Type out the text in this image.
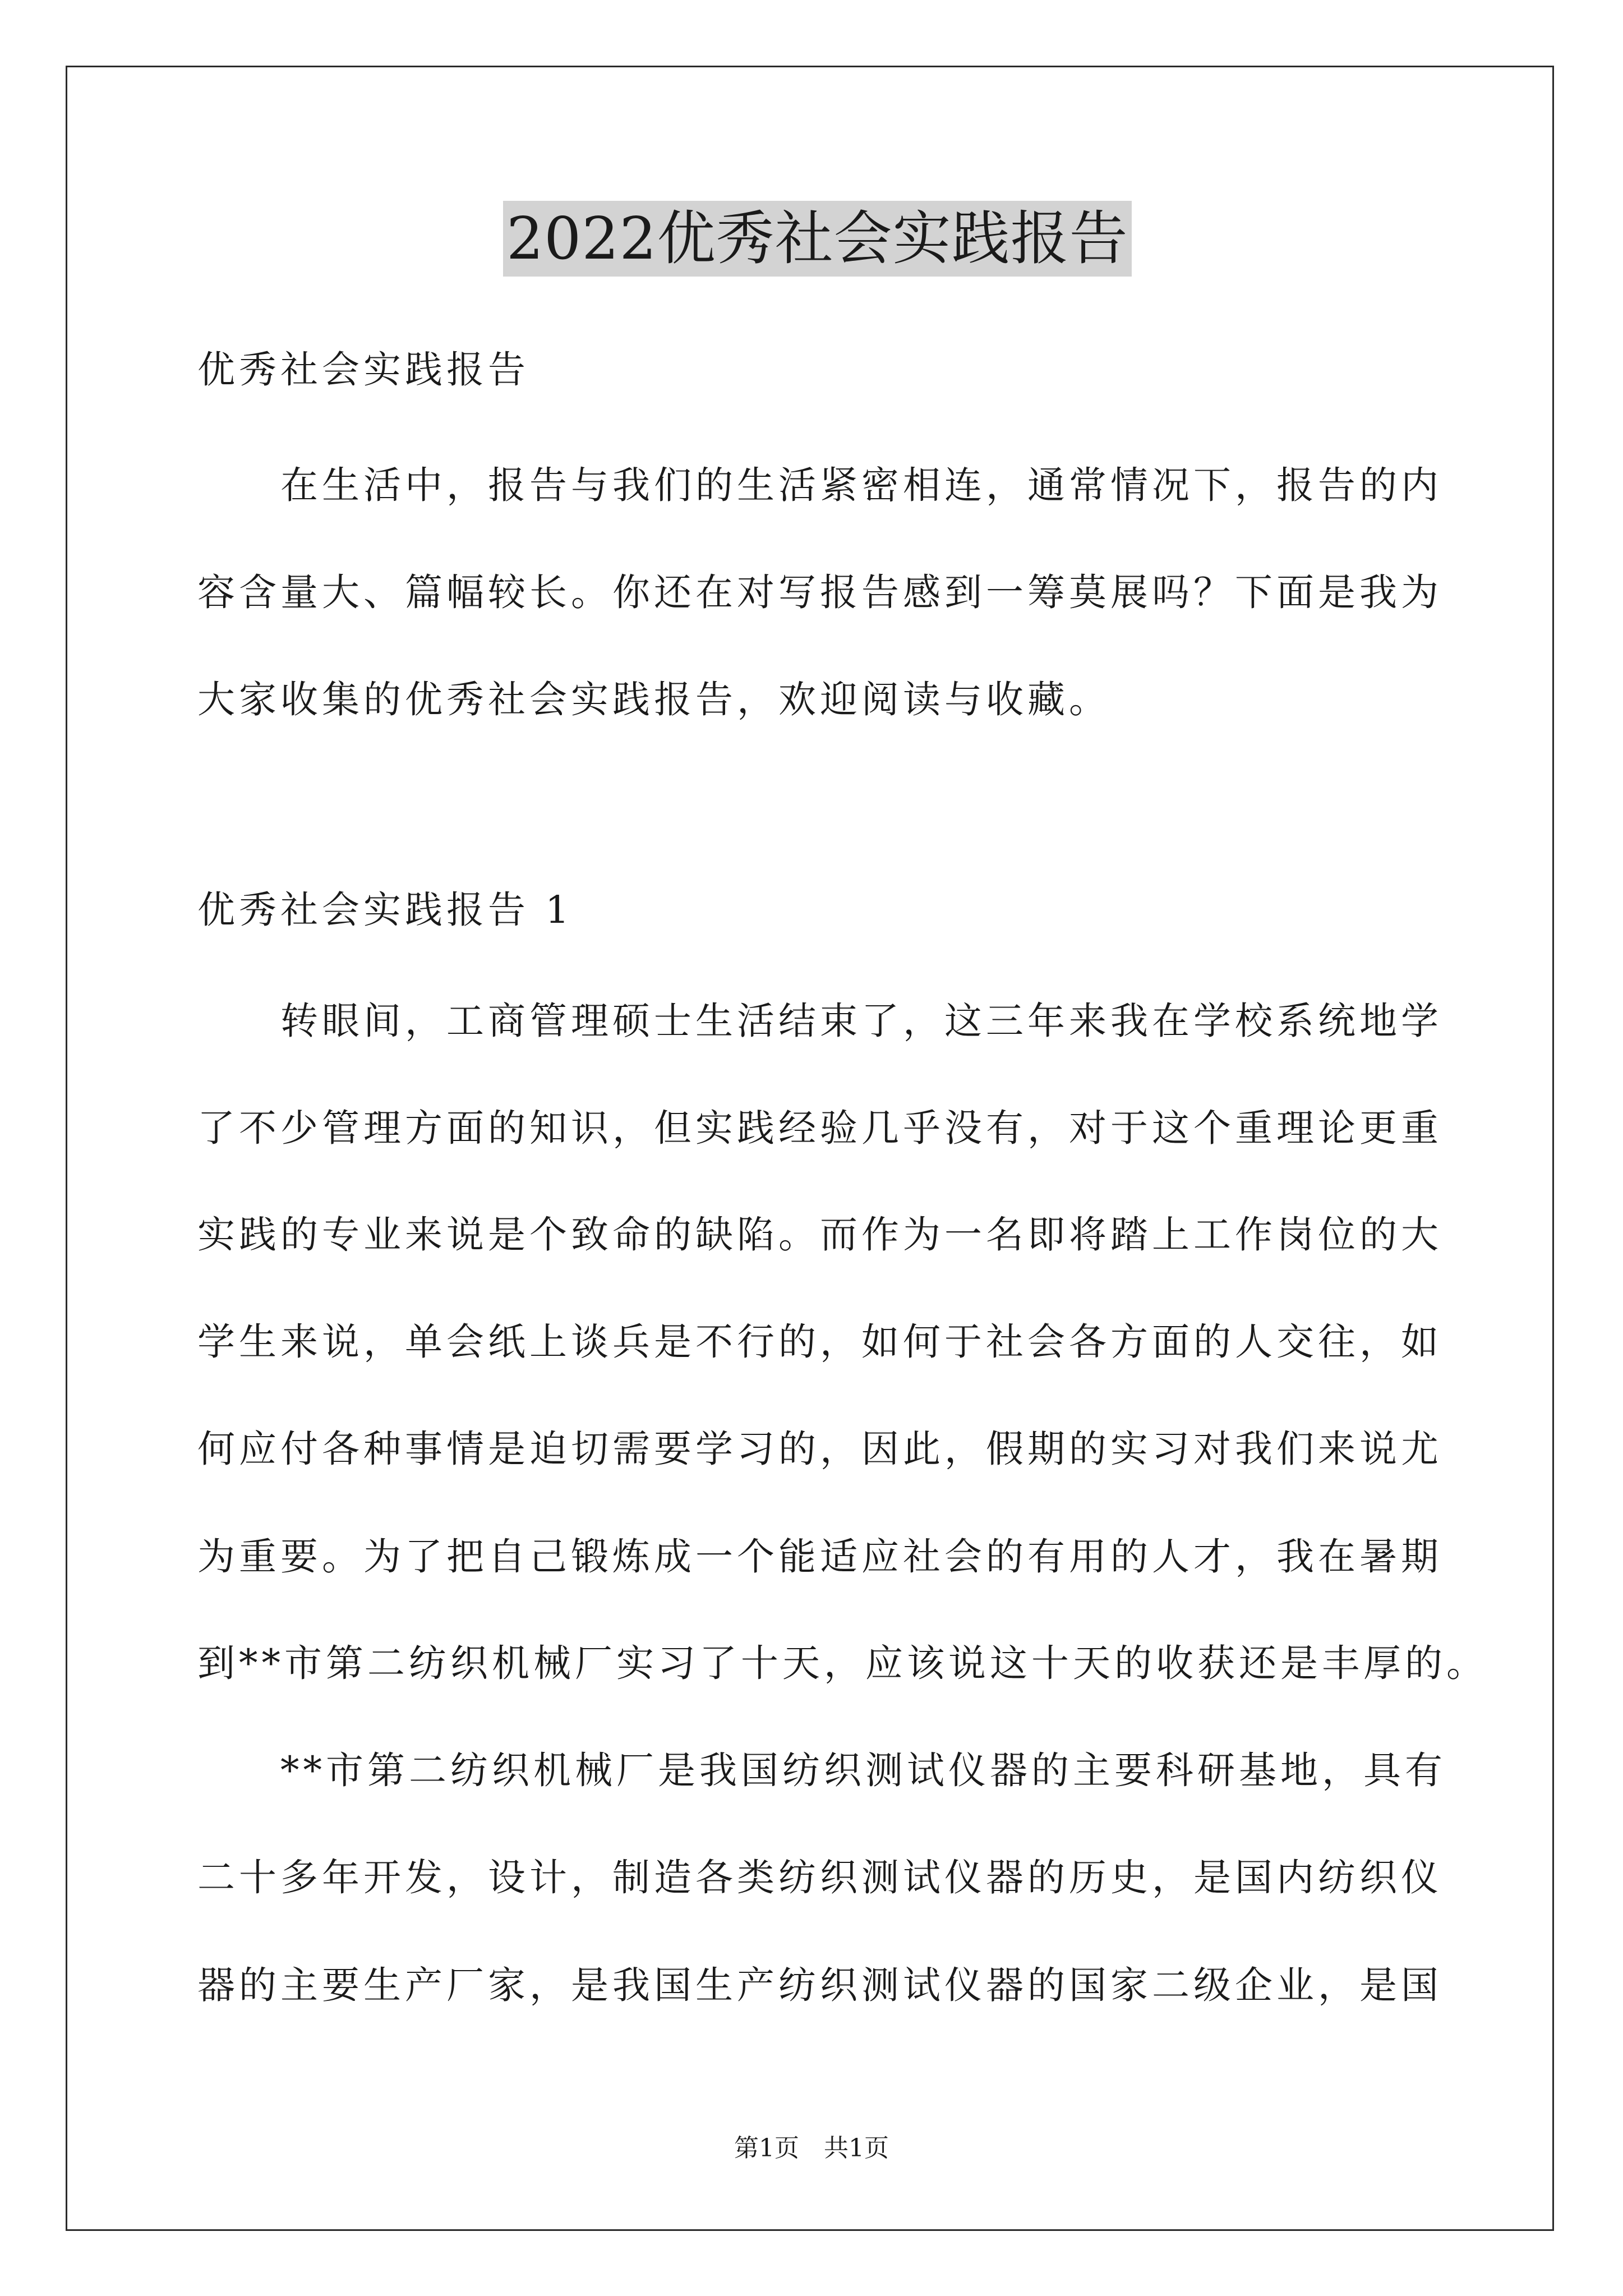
2022优秀社会实践报告
优秀社会实践报告
在生活中，报告与我们的生活紧密相连，通常情况下，报告的内
容含量大、篇幅较长。你还在对写报告感到一筹莫展吗？下面是我为
大家收集的优秀社会实践报告，欢迎阅读与收藏。
优秀社会实践报告 1
转眼间，工商管理硕士生活结束了，这三年来我在学校系统地学
了不少管理方面的知识，但实践经验几乎没有，对于这个重理论更重
实践的专业来说是个致命的缺陷。而作为一名即将踏上工作岗位的大
学生来说，单会纸上谈兵是不行的，如何于社会各方面的人交往，如
何应付各种事情是迫切需要学习的，因此，假期的实习对我们来说尤
为重要。为了把自己锻炼成一个能适应社会的有用的人才，我在暑期
到**市第二纺织机械厂实习了十天，应该说这十天的收获还是丰厚的。
**市第二纺织机械厂是我国纺织测试仪器的主要科研基地，具有
二十多年开发，设计，制造各类纺织测试仪器的历史，是国内纺织仪
器的主要生产厂家，是我国生产纺织测试仪器的国家二级企业，是国
第1页　共1页
